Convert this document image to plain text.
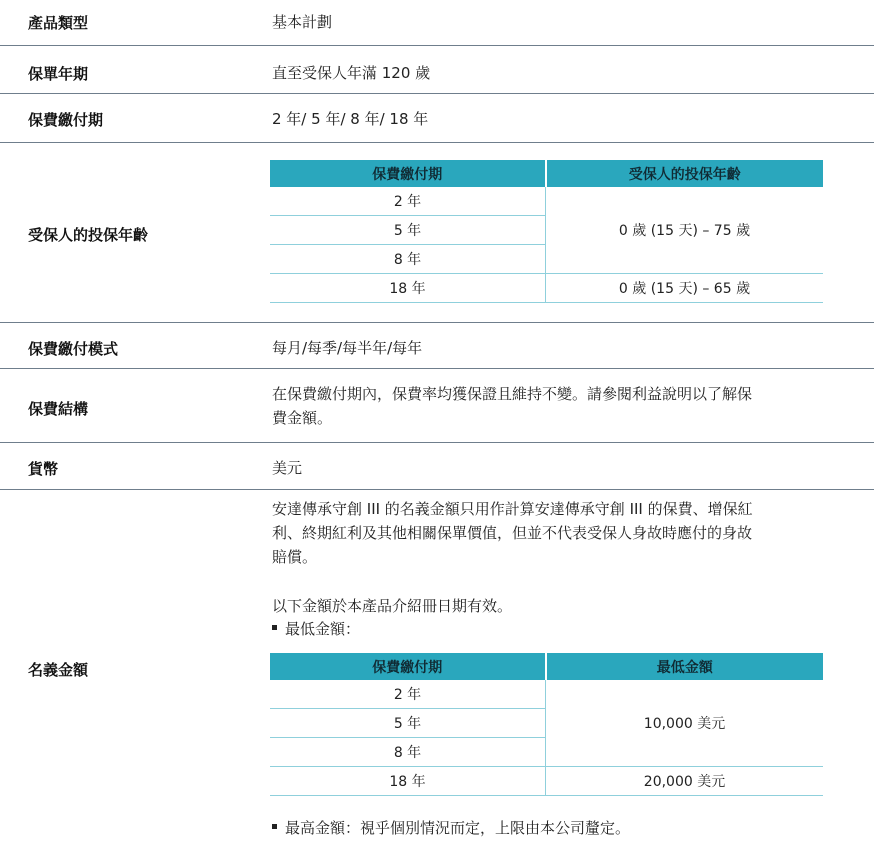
產品類型	基本計劃
保單年期	直至受保人年滿 120 歲
保費繳付期	2 年/ 5 年/ 8 年/ 18 年
受保人的投保年齡
保費繳付期	受保人的投保年齡
2 年	0 歲 (15 天) – 75 歲
5 年	
8 年	
18 年	0 歲 (15 天) – 65 歲
保費繳付模式	每月/每季/每半年/每年
保費結構
在保費繳付期內，保費率均獲保證且維持不變。請參閱利益說明以了解保
費金額。
貨幣	美元
名義金額
安達傳承守創 III 的名義金額只用作計算安達傳承守創 III 的保費、增保紅
利、終期紅利及其他相關保單價值，但並不代表受保人身故時應付的身故
賠償。
以下金額於本產品介紹冊日期有效。
最低金額：
保費繳付期	最低金額
2 年	10,000 美元
5 年	
8 年	
18 年	20,000 美元
最高金額：視乎個別情況而定，上限由本公司釐定。
